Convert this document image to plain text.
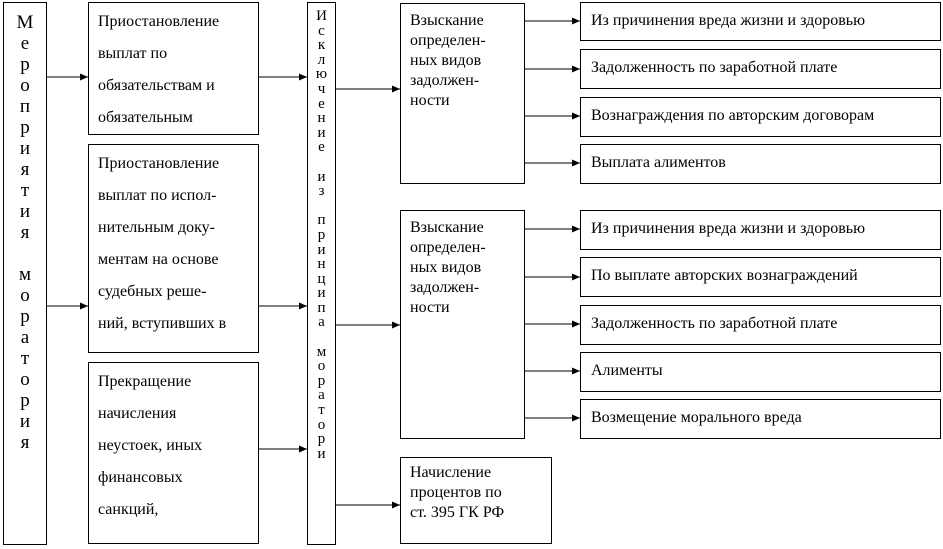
М
е
р
о
п
р
и
я
т
и
я
м
о
р
а
т
о
р
и
я
Приостановление
выплат по
обязательствам и
обязательным
Приостановление
выплат по испол-
нительным доку-
ментам на основе
судебных реше-
ний, вступивших в
Прекращение
начисления
неустоек, иных
финансовых
санкций,
И
с
к
л
ю
ч
е
н
и
е
и
з
п
р
и
н
ц
и
п
а
м
о
р
а
т
о
р
и
Взыскание
определен-
ных видов
задолжен-
ности
Взыскание
определен-
ных видов
задолжен-
ности
Начисление
процентов по
ст. 395 ГК РФ
Из причинения вреда жизни и здоровью
Задолженность по заработной плате
Вознаграждения по авторским договорам
Выплата алиментов
Из причинения вреда жизни и здоровью
По выплате авторских вознаграждений
Задолженность по заработной плате
Алименты
Возмещение морального вреда
